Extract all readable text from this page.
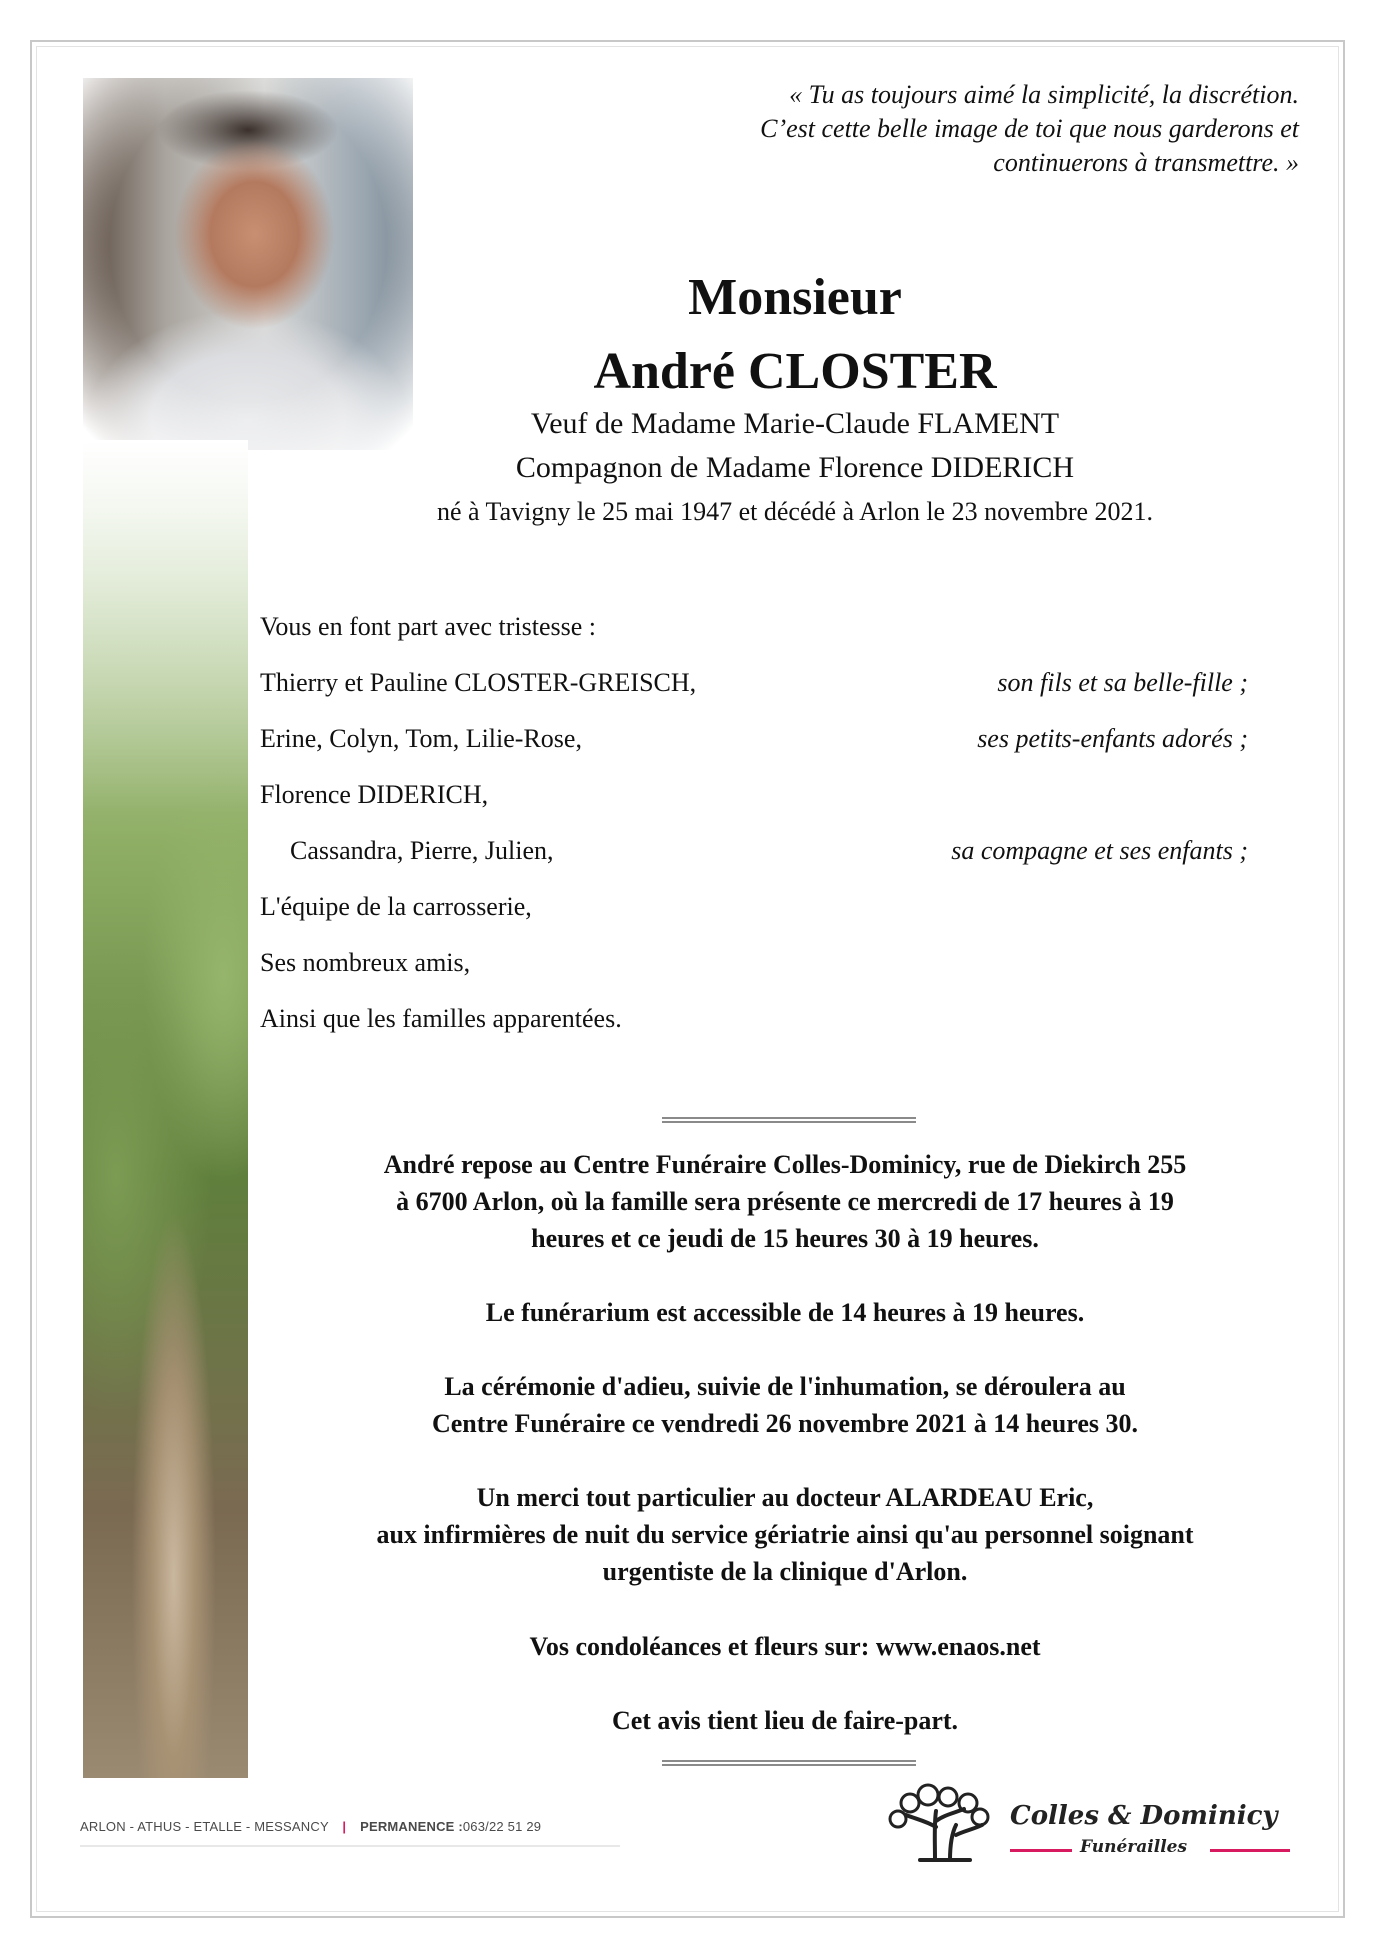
« Tu as toujours aimé la simplicité, la discrétion.
C’est cette belle image de toi que nous garderons et
continuerons à transmettre. »
Monsieur
André CLOSTER
Veuf de Madame Marie-Claude FLAMENT
Compagnon de Madame Florence DIDERICH
né à Tavigny le 25 mai 1947 et décédé à Arlon le 23 novembre 2021.
Vous en font part avec tristesse :
Thierry et Pauline CLOSTER-GREISCH,	son fils et sa belle-fille ;
Erine, Colyn, Tom, Lilie-Rose,	ses petits-enfants adorés ;
Florence DIDERICH,
Cassandra, Pierre, Julien,	sa compagne et ses enfants ;
L'équipe de la carrosserie,
Ses nombreux amis,
Ainsi que les familles apparentées.
André repose au Centre Funéraire Colles-Dominicy, rue de Diekirch 255
à 6700 Arlon, où la famille sera présente ce mercredi de 17 heures à 19
heures et ce jeudi de 15 heures 30 à 19 heures.
Le funérarium est accessible de 14 heures à 19 heures.
La cérémonie d'adieu, suivie de l'inhumation, se déroulera au
Centre Funéraire ce vendredi 26 novembre 2021 à 14 heures 30.
Un merci tout particulier au docteur ALARDEAU Eric,
aux infirmières de nuit du service gériatrie ainsi qu'au personnel soignant
urgentiste de la clinique d'Arlon.
Vos condoléances et fleurs sur: www.enaos.net
Cet avis tient lieu de faire-part.
ARLON - ATHUS - ETALLE - MESSANCY | PERMANENCE :063/22 51 29	Colles & Dominicy
Funérailles
